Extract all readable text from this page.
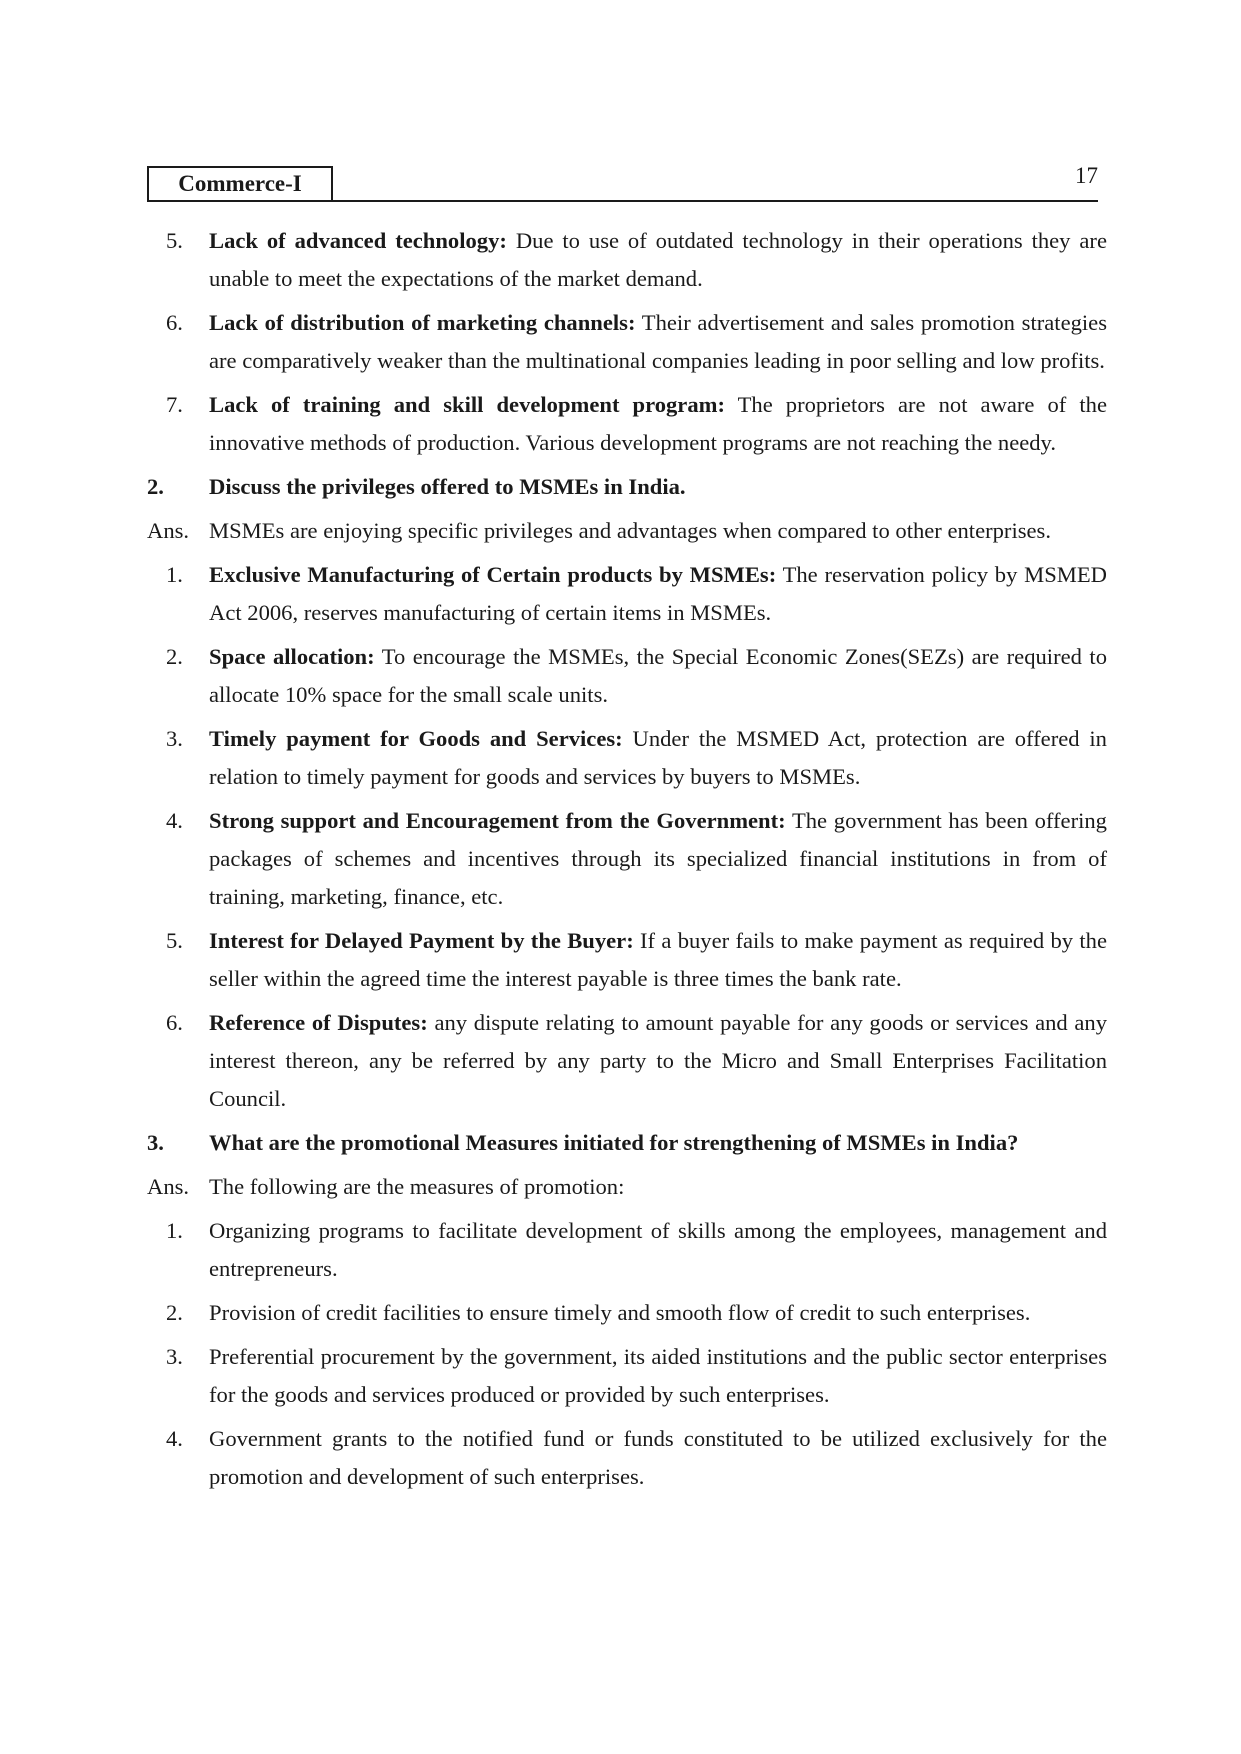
Commerce-I	17
5.	Lack of advanced technology: Due to use of outdated technology in their operations they are unable to meet the expectations of the market demand.
6.	Lack of distribution of marketing channels: Their advertisement and sales promotion strategies are comparatively weaker than the multinational companies leading in poor selling and low profits.
7.	Lack of training and skill development program: The proprietors are not aware of the innovative methods of production. Various development programs are not reaching the needy.
2.	Discuss the privileges offered to MSMEs in India.
Ans. MSMEs are enjoying specific privileges and advantages when compared to other enterprises.
1.	Exclusive Manufacturing of Certain products by MSMEs: The reservation policy by MSMED Act 2006, reserves manufacturing of certain items in MSMEs.
2.	Space allocation: To encourage the MSMEs, the Special Economic Zones(SEZs) are required to allocate 10% space for the small scale units.
3.	Timely payment for Goods and Services: Under the MSMED Act, protection are offered in relation to timely payment for goods and services by buyers to MSMEs.
4.	Strong support and Encouragement from the Government: The government has been offering packages of schemes and incentives through its specialized financial institutions in from of training, marketing, finance, etc.
5.	Interest for Delayed Payment by the Buyer: If a buyer fails to make payment as required by the seller within the agreed time the interest payable is three times the bank rate.
6.	Reference of Disputes: any dispute relating to amount payable for any goods or services and any interest thereon, any be referred by any party to the Micro and Small Enterprises Facilitation Council.
3.	What are the promotional Measures initiated for strengthening of MSMEs in India?
Ans. The following are the measures of promotion:
1.	Organizing programs to facilitate development of skills among the employees, management and entrepreneurs.
2.	Provision of credit facilities to ensure timely and smooth flow of credit to such enterprises.
3.	Preferential procurement by the government, its aided institutions and the public sector enterprises for the goods and services produced or provided by such enterprises.
4.	Government grants to the notified fund or funds constituted to be utilized exclusively for the promotion and development of such enterprises.
